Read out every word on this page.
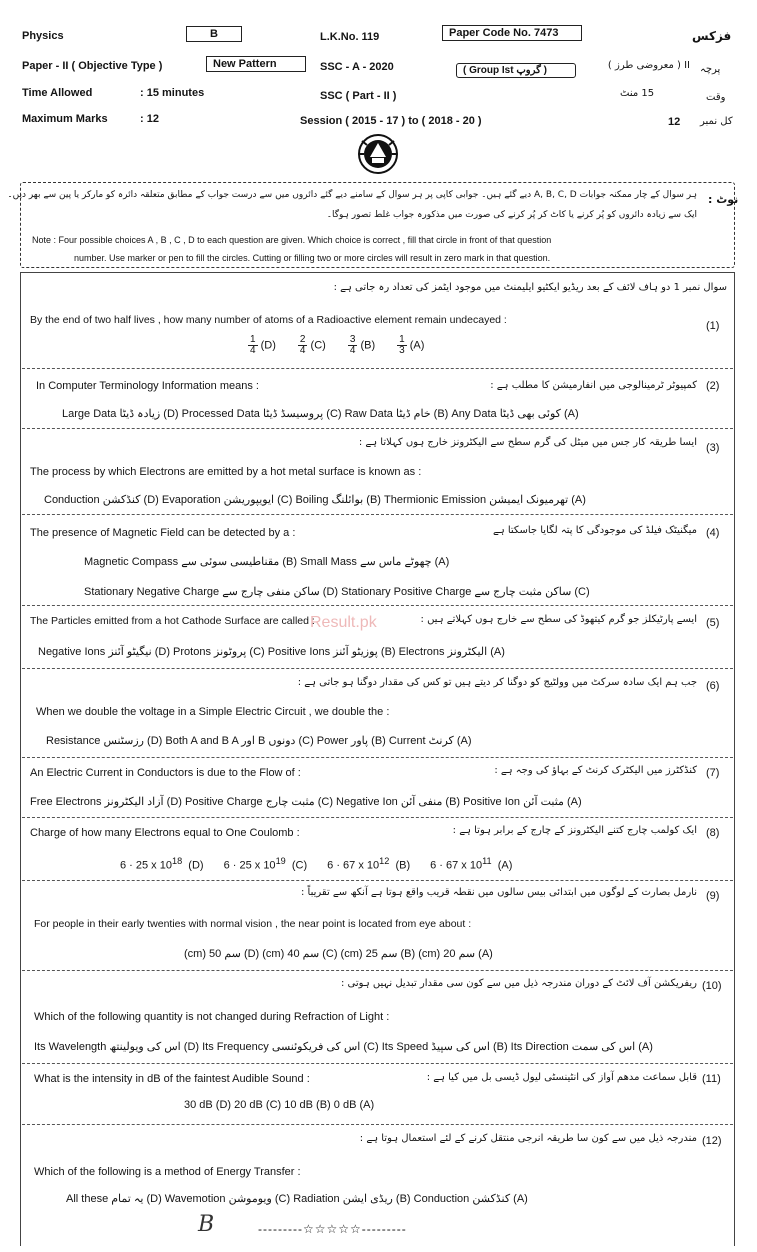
Physics	B	L.K.No. 119	Paper Code No. 7473	فزکس
Paper - II ( Objective Type )	New Pattern	SSC - A - 2020	( Group Ist گروپ )	II ( معروضی طرز ) پرچہ
Time Allowed	: 15 minutes	SSC ( Part - II )	15 منٹ	وقت
Maximum Marks	: 12	Session ( 2015 - 17 ) to ( 2018 - 20 )	12 کل نمبر
نوٹ :
ہر سوال کے چار ممکنہ جوابات A, B, C, D دیے گئے ہیں۔ جوابی کاپی پر ہر سوال کے سامنے دیے گئے دائروں میں سے درست جواب کے مطابق متعلقہ دائرہ کو مارکر یا پین سے بھر دیں۔
ایک سے زیادہ دائروں کو پُر کرنے یا کاٹ کر پُر کرنے کی صورت میں مذکورہ جواب غلط تصور ہوگا۔
Note : Four possible choices A , B , C , D to each question are given. Which choice is correct , fill that circle in front of that question
number. Use marker or pen to fill the circles. Cutting or filling two or more circles will result in zero mark in that question.
Result.pk
سوال نمبر 1 دو ہاف لائف کے بعد ریڈیو ایکٹیو ایلیمنٹ میں موجود ایٹمز کی تعداد رہ جاتی ہے :
By the end of two half lives , how many number of atoms of a Radioactive element remain undecayed :	(1)
$\frac{1}{4} (D) \frac{2}{4} (C) \frac{3}{4} (B) \frac{1}{3} (A)$
In Computer Terminology Information means :	کمپیوٹر ٹرمینالوجی میں انفارمیشن کا مطلب ہے : (2)
Large Data زیادہ ڈیٹا (D) Processed Data پروسیسڈ ڈیٹا (C) Raw Data خام ڈیٹا (B) Any Data کوئی بھی ڈیٹا (A)
ایسا طریقہ کار جس میں میٹل کی گرم سطح سے الیکٹرونز خارج ہوں کہلاتا ہے : (3)
The process by which Electrons are emitted by a hot metal surface is known as :
Conduction کنڈکشن (D) Evaporation ایویپوریشن (C) Boiling بوائلنگ (B) Thermionic Emission تھرمیونک ایمیشن (A)
The presence of Magnetic Field can be detected by a :	میگنیٹک فیلڈ کی موجودگی کا پتہ لگایا جاسکتا ہے (4)
Magnetic Compass مقناطیسی سوئی سے (B) Small Mass چھوٹے ماس سے (A)
Stationary Negative Charge ساکن منفی چارج سے (D) Stationary Positive Charge ساکن مثبت چارج سے (C)
The Particles emitted from a hot Cathode Surface are called :	ایسے پارٹیکلز جو گرم کیتھوڈ کی سطح سے خارج ہوں کہلاتے ہیں : (5)
Negative Ions نیگیٹو آئنز (D) Protons پروٹونز (C) Positive Ions پوزیٹو آئنز (B) Electrons الیکٹرونز (A)
جب ہم ایک سادہ سرکٹ میں وولٹیج کو دوگنا کر دیتے ہیں تو کس کی مقدار دوگنا ہو جاتی ہے : (6)
When we double the voltage in a Simple Electric Circuit , we double the :
Resistance رزسٹنس (D) Both A and B A اور B دونوں (C) Power پاور (B) Current کرنٹ (A)
An Electric Current in Conductors is due to the Flow of :	کنڈکٹرز میں الیکٹرک کرنٹ کے بہاؤ کی وجہ ہے : (7)
Free Electrons آزاد الیکٹرونز (D) Positive Charge مثبت چارج (C) Negative Ion منفی آئن (B) Positive Ion مثبت آئن (A)
Charge of how many Electrons equal to One Coulomb :	ایک کولمب چارج کتنے الیکٹرونز کے چارج کے برابر ہوتا ہے : (8)
6 · 25 x $10^{18}$ (D) 6 · 25 x $10^{19}$ (C) 6 · 67 x $10^{12}$ (B) 6 · 67 x $10^{11}$ (A)
نارمل بصارت کے لوگوں میں ابتدائی بیس سالوں میں نقطہ قریب واقع ہوتا ہے آنکھ سے تقریباً : (9)
For people in their early twenties with normal vision , the near point is located from eye about :
(cm) سم 50 (D) (cm) سم 40 (C) (cm) سم 25 (B) (cm) سم 20 (A)
ریفریکشن آف لائٹ کے دوران مندرجہ ذیل میں سے کون سی مقدار تبدیل نہیں ہوتی : (10)
Which of the following quantity is not changed during Refraction of Light :
Its Wavelength اس کی ویولینتھ (D) Its Frequency اس کی فریکوئنسی (C) Its Speed اس کی سپیڈ (B) Its Direction اس کی سمت (A)
What is the intensity in dB of the faintest Audible Sound :	قابل سماعت مدھم آواز کی انٹینسٹی لیول ڈیسی بل میں کیا ہے : (11)
30 dB (D) 20 dB (C) 10 dB (B) 0 dB (A)
مندرجہ ذیل میں سے کون سا طریقہ انرجی منتقل کرنے کے لئے استعمال ہوتا ہے : (12)
Which of the following is a method of Energy Transfer :
All these یہ تمام (D) Wavemotion ویوموشن (C) Radiation ریڈی ایشن (B) Conduction کنڈکشن (A)
B	---------☆☆☆☆☆---------
